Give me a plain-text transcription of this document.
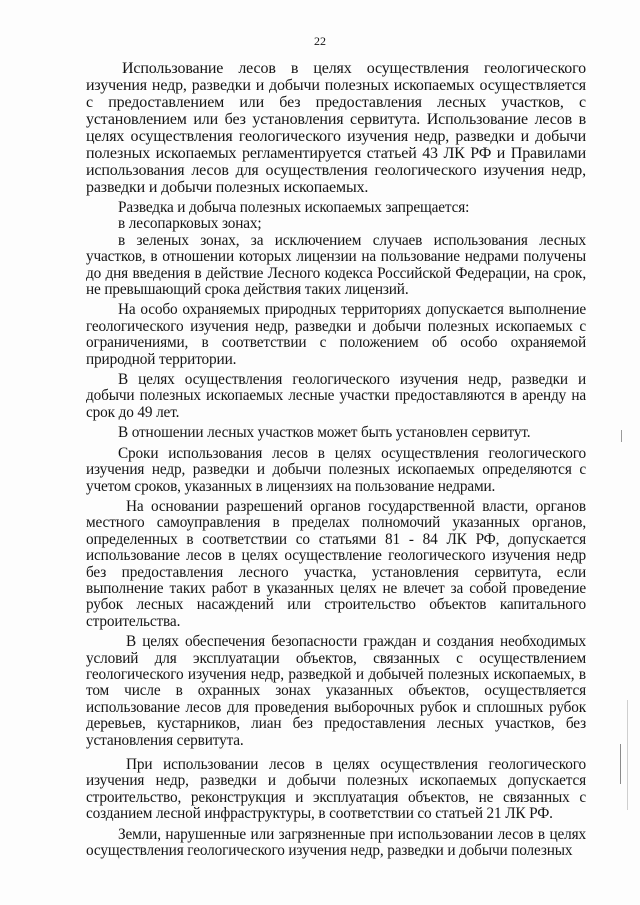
22

Использование лесов в целях осуществления геологического изучения недр, разведки и добычи полезных ископаемых осуществляется с предоставлением или без предоставления лесных участков, с установлением или без установления сервитута. Использование лесов в целях осуществления геологического изучения недр, разведки и добычи полезных ископаемых регламентируется статьей 43 ЛК РФ и Правилами использования лесов для осуществления геологического изучения недр, разведки и добычи полезных ископаемых.

Разведка и добыча полезных ископаемых запрещается:

в лесопарковых зонах;

в зеленых зонах, за исключением случаев использования лесных участков, в отношении которых лицензии на пользование недрами получены до дня введения в действие Лесного кодекса Российской Федерации, на срок, не превышающий срока действия таких лицензий.

На особо охраняемых природных территориях допускается выполнение геологического изучения недр, разведки и добычи полезных ископаемых с ограничениями, в соответствии с положением об особо охраняемой природной территории.

В целях осуществления геологического изучения недр, разведки и добычи полезных ископаемых лесные участки предоставляются в аренду на срок до 49 лет.

В отношении лесных участков может быть установлен сервитут.

Сроки использования лесов в целях осуществления геологического изучения недр, разведки и добычи полезных ископаемых определяются с учетом сроков, указанных в лицензиях на пользование недрами.

На основании разрешений органов государственной власти, органов местного самоуправления в пределах полномочий указанных органов, определенных в соответствии со статьями 81 - 84 ЛК РФ, допускается использование лесов в целях осуществление геологического изучения недр без предоставления лесного участка, установления сервитута, если выполнение таких работ в указанных целях не влечет за собой проведение рубок лесных насаждений или строительство объектов капитального строительства.

В целях обеспечения безопасности граждан и создания необходимых условий для эксплуатации объектов, связанных с осуществлением геологического изучения недр, разведкой и добычей полезных ископаемых, в том числе в охранных зонах указанных объектов, осуществляется использование лесов для проведения выборочных рубок и сплошных рубок деревьев, кустарников, лиан без предоставления лесных участков, без установления сервитута.

При использовании лесов в целях осуществления геологического изучения недр, разведки и добычи полезных ископаемых допускается строительство, реконструкция и эксплуатация объектов, не связанных с созданием лесной инфраструктуры, в соответствии со статьей 21 ЛК РФ.

Земли, нарушенные или загрязненные при использовании лесов в целях осуществления геологического изучения недр, разведки и добычи полезных
